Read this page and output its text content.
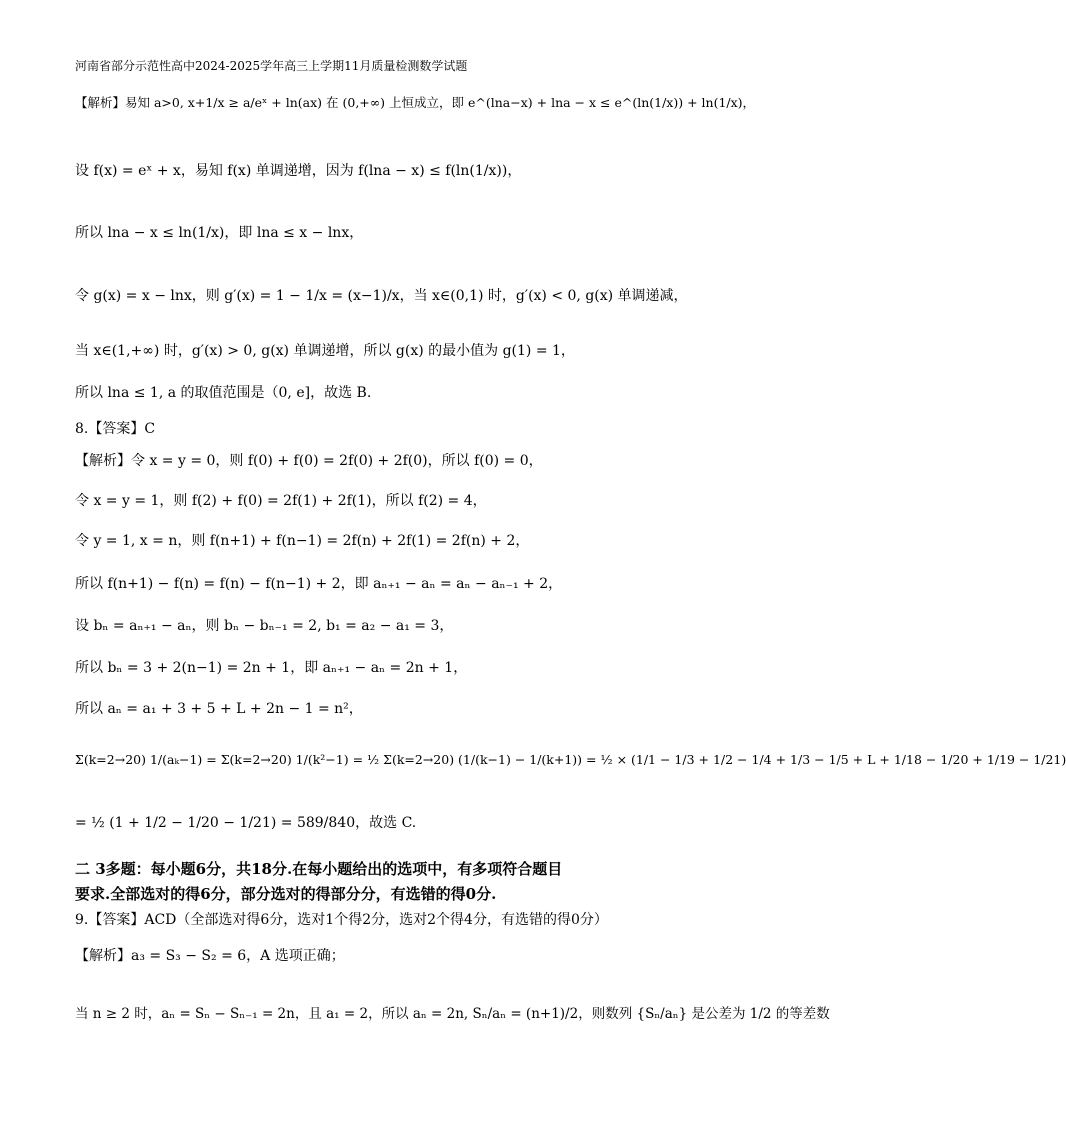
河南省部分示范性高中2024-2025学年高三上学期11月质量检测数学试题
【解析】易知 a>0, x+1/x ≥ a/eˣ + ln(ax) 在 (0,+∞) 上恒成立，即 e^(lna−x) + lna − x ≤ e^(ln(1/x)) + ln(1/x)，
设 f(x) = eˣ + x，易知 f(x) 单调递增，因为 f(lna − x) ≤ f(ln(1/x))，
所以 lna − x ≤ ln(1/x)，即 lna ≤ x − lnx，
令 g(x) = x − lnx，则 g′(x) = 1 − 1/x = (x−1)/x，当 x∈(0,1) 时，g′(x) < 0, g(x) 单调递减，
当 x∈(1,+∞) 时，g′(x) > 0, g(x) 单调递增，所以 g(x) 的最小值为 g(1) = 1，
所以 lna ≤ 1, a 的取值范围是（0, e]，故选 B.
8.【答案】C
【解析】令 x = y = 0，则 f(0) + f(0) = 2f(0) + 2f(0)，所以 f(0) = 0，
令 x = y = 1，则 f(2) + f(0) = 2f(1) + 2f(1)，所以 f(2) = 4，
令 y = 1, x = n，则 f(n+1) + f(n−1) = 2f(n) + 2f(1) = 2f(n) + 2，
所以 f(n+1) − f(n) = f(n) − f(n−1) + 2，即 aₙ₊₁ − aₙ = aₙ − aₙ₋₁ + 2，
设 bₙ = aₙ₊₁ − aₙ，则 bₙ − bₙ₋₁ = 2, b₁ = a₂ − a₁ = 3，
所以 bₙ = 3 + 2(n−1) = 2n + 1，即 aₙ₊₁ − aₙ = 2n + 1，
所以 aₙ = a₁ + 3 + 5 + L + 2n − 1 = n²，
Σ(k=2→20) 1/(aₖ−1) = Σ(k=2→20) 1/(k²−1) = ½ Σ(k=2→20) (1/(k−1) − 1/(k+1)) = ½ × (1/1 − 1/3 + 1/2 − 1/4 + 1/3 − 1/5 + L + 1/18 − 1/20 + 1/19 − 1/21)
= ½ (1 + 1/2 − 1/20 − 1/21) = 589/840，故选 C.
二 3多题：每小题6分，共18分.在每小题给出的选项中，有多项符合题目
要求.全部选对的得6分，部分选对的得部分分，有选错的得0分.
9.【答案】ACD（全部选对得6分，选对1个得2分，选对2个得4分，有选错的得0分）
【解析】a₃ = S₃ − S₂ = 6，A 选项正确；
当 n ≥ 2 时，aₙ = Sₙ − Sₙ₋₁ = 2n，且 a₁ = 2，所以 aₙ = 2n, Sₙ/aₙ = (n+1)/2，则数列 {Sₙ/aₙ} 是公差为 1/2 的等差数
